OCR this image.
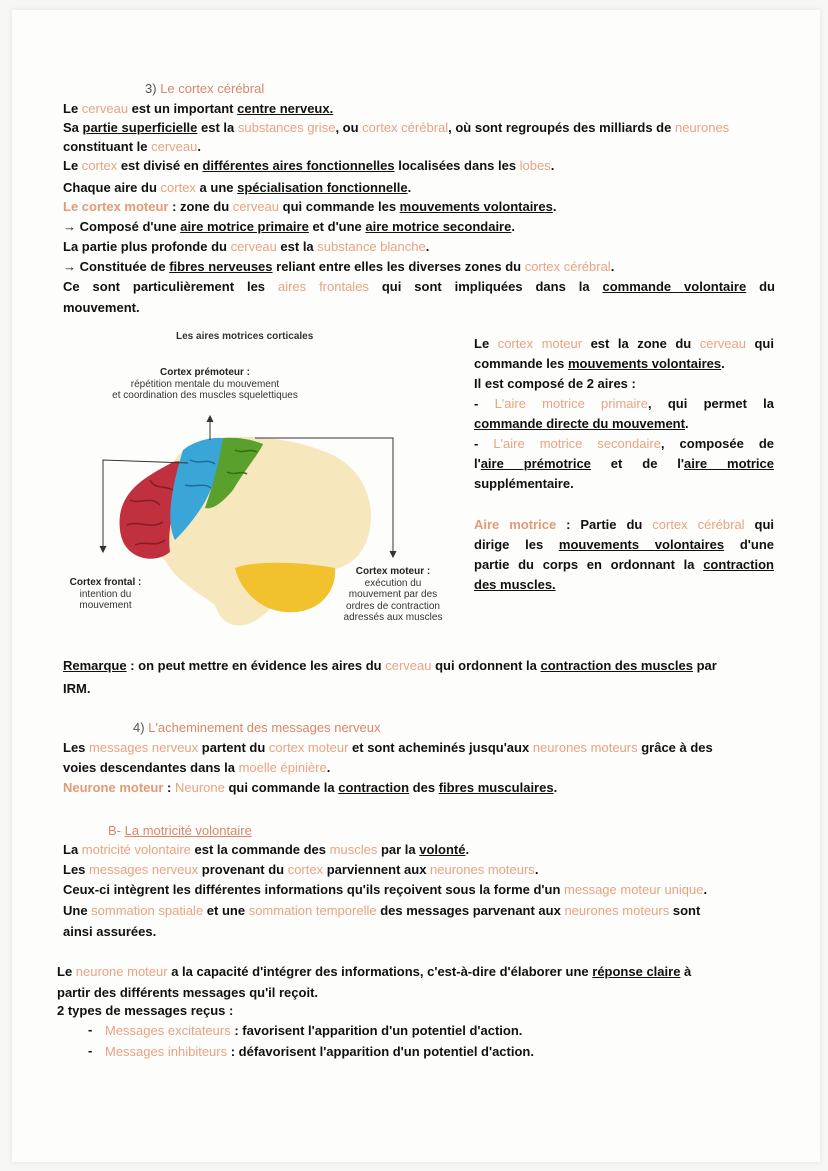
3) Le cortex cérébral
Le cerveau est un important centre nerveux.
Sa partie superficielle est la substances grise, ou cortex cérébral, où sont regroupés des milliards de neurones
constituant le cerveau.
Le cortex est divisé en différentes aires fonctionnelles localisées dans les lobes.
Chaque aire du cortex a une spécialisation fonctionnelle.
Le cortex moteur : zone du cerveau qui commande les mouvements volontaires.
→ Composé d'une aire motrice primaire et d'une aire motrice secondaire.
La partie plus profonde du cerveau est la substance blanche.
→ Constituée de fibres nerveuses reliant entre elles les diverses zones du cortex cérébral.
Ce sont particulièrement les aires frontales qui sont impliquées dans la commande volontaire du
mouvement.
Les aires motrices corticales
Cortex prémoteur :
répétition mentale du mouvement
et coordination des muscles squelettiques
Cortex frontal :
intention du
mouvement
Cortex moteur :
exécution du
mouvement par des
ordres de contraction
adressés aux muscles
Le cortex moteur est la zone du cerveau qui
commande les mouvements volontaires.
Il est composé de 2 aires :
- L'aire motrice primaire, qui permet la
commande directe du mouvement.
- L'aire motrice secondaire, composée de
l'aire prémotrice et de l'aire motrice
supplémentaire.
Aire motrice : Partie du cortex cérébral qui
dirige les mouvements volontaires d'une
partie du corps en ordonnant la contraction
des muscles.
Remarque : on peut mettre en évidence les aires du cerveau qui ordonnent la contraction des muscles par
IRM.
4) L'acheminement des messages nerveux
Les messages nerveux partent du cortex moteur et sont acheminés jusqu'aux neurones moteurs grâce à des
voies descendantes dans la moelle épinière.
Neurone moteur : Neurone qui commande la contraction des fibres musculaires.
B- La motricité volontaire
La motricité volontaire est la commande des muscles par la volonté.
Les messages nerveux provenant du cortex parviennent aux neurones moteurs.
Ceux-ci intègrent les différentes informations qu'ils reçoivent sous la forme d'un message moteur unique.
Une sommation spatiale et une sommation temporelle des messages parvenant aux neurones moteurs sont
ainsi assurées.
Le neurone moteur a la capacité d'intégrer des informations, c'est-à-dire d'élaborer une réponse claire à
partir des différents messages qu'il reçoit.
2 types de messages reçus :
- Messages excitateurs : favorisent l'apparition d'un potentiel d'action.
- Messages inhibiteurs : défavorisent l'apparition d'un potentiel d'action.
